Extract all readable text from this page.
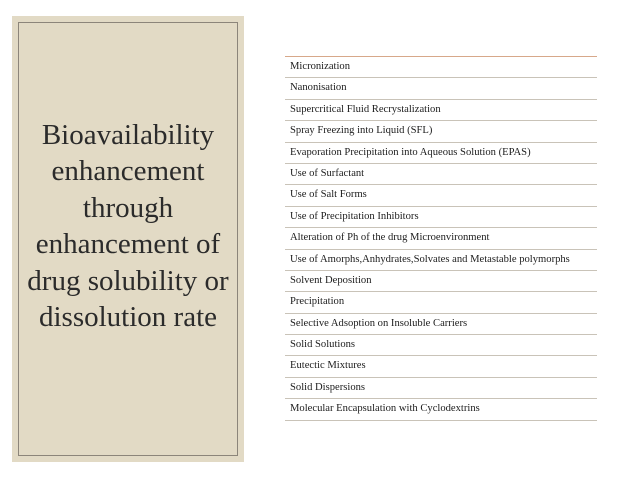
Bioavailability enhancement through enhancement of drug solubility or dissolution rate
Micronization
Nanonisation
Supercritical Fluid Recrystalization
Spray Freezing into Liquid (SFL)
Evaporation Precipitation into Aqueous Solution (EPAS)
Use of Surfactant
Use of Salt Forms
Use of Precipitation Inhibitors
Alteration of Ph of the drug Microenvironment
Use of Amorphs,Anhydrates,Solvates and Metastable polymorphs
Solvent Deposition
Precipitation
Selective Adsoption on Insoluble Carriers
Solid Solutions
Eutectic Mixtures
Solid Dispersions
Molecular Encapsulation with Cyclodextrins
